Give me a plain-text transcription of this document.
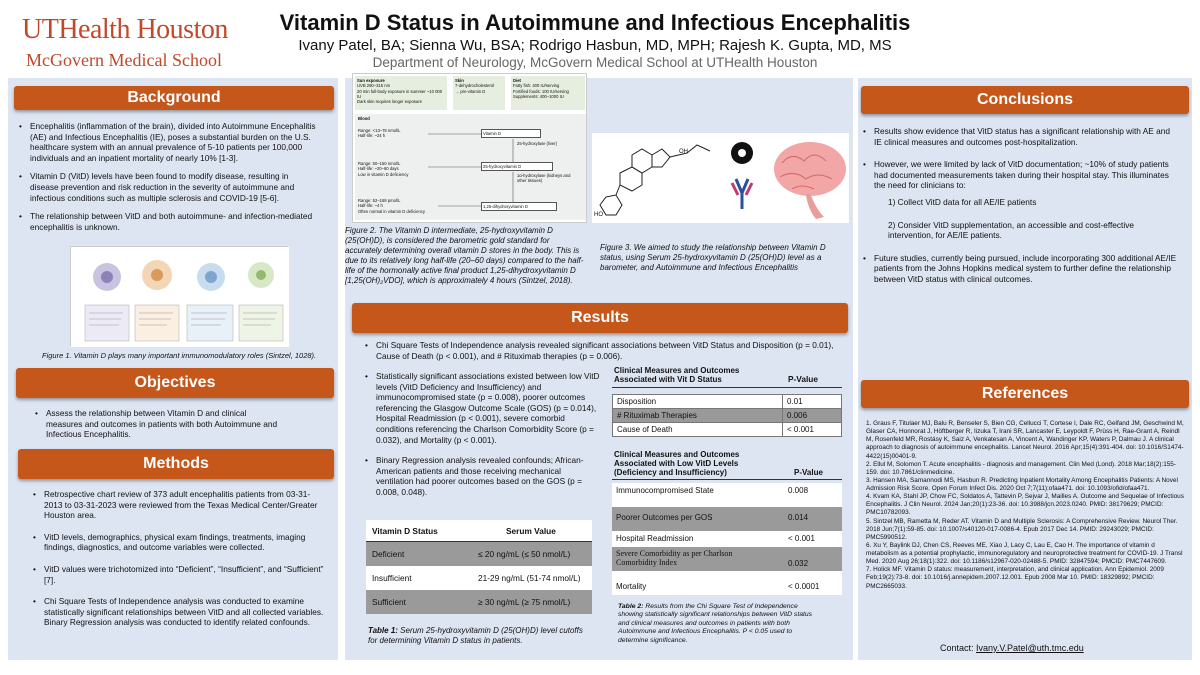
UTHealth Houston
McGovern Medical School
Vitamin D Status in Autoimmune and Infectious Encephalitis
Ivany Patel, BA; Sienna Wu, BSA; Rodrigo Hasbun, MD, MPH; Rajesh K. Gupta, MD, MS
Department of Neurology, McGovern Medical School at UTHealth Houston
Background
• Encephalitis (inflammation of the brain), divided into Autoimmune Encephalitis (AE) and Infectious Encephalitis (IE), poses a substantial burden on the U.S. healthcare system with an annual prevalence of 5-10 patients per 100,000 individuals and an inpatient mortality of nearly 10% [1-3].
• Vitamin D (VitD) levels have been found to modify disease, resulting in disease prevention and risk reduction in the severity of autoimmune and infectious conditions such as multiple sclerosis and COVID-19 [5-6].
• The relationship between VitD and both autoimmune- and infection-mediated encephalitis is unknown.
Figure 1. Vitamin D plays many important immunomodulatory roles (Sintzel, 1028).
Objectives
• Assess the relationship between Vitamin D and clinical measures and outcomes in patients with both Autoimmune and Infectious Encephalitis.
Methods
• Retrospective chart review of 373 adult encephalitis patients from 03-31-2013 to 03-31-2023 were reviewed from the Texas Medical Center/Greater Houston area.
• VitD levels, demographics, physical exam findings, treatments, imaging findings, diagnostics, and outcome variables were collected.
• VitD values were trichotomized into “Deficient”, “Insufficient”, and “Sufficient” [7].
• Chi Square Tests of Independence analysis was conducted to examine statistically significant relationships between VitD and all collected variables. Binary Regression analysis was conducted to identify related confounds.
Sun exposure
UVB 290–315 nm
20 min full-body exposure in summer ~10 000 IU
Dark skin requires longer exposure
Skin
7-dehydrocholesterol
→ pre-vitamin D
Diet
Fatty fish: 400 IU/serving
Fortified foods: 100 IU/serving
Supplements: 400–1000 IU
Blood
Range: <13–78 nmol/L
Half-life: ~24 h	Vitamin D
25-hydroxylase (liver)
Range: 50–150 nmol/L
Half-life: ~20–60 days
Low in vitamin D deficiency
25-hydroxyvitamin D
1α-hydroxylase (kidneys and other tissues)
Range: 52–169 pmol/L
Half-life: ~4 h
Often normal in vitamin D deficiency
1,25-dihydroxyvitamin D
Figure 2. The Vitamin D intermediate, 25-hydroxyvitamin D (25(OH)D), is considered the barometric gold standard for accurately determining overall vitamin D stores in the body. This is due to its relatively long half-life (20–60 days) compared to the half-life of the hormonally active final product 1,25-dihydroxyvitamin D [1,25(OH)₂VDO], which is approximately 4 hours (Sintzel, 2018).
OH
HO
Figure 3. We aimed to study the relationship between Vitamin D status, using Serum 25-hydroxyvitamin D (25(OH)D) level as a barometer, and Autoimmune and Infectious Encephalitis
Results
• Chi Square Tests of Independence analysis revealed significant associations between VitD Status and Disposition (p = 0.01), Cause of Death (p < 0.001), and # Rituximab therapies (p = 0.006).
• Statistically significant associations existed between low VitD levels (VitD Deficiency and Insufficiency) and immunocompromised state (p = 0.008), poorer outcomes referencing the Glasgow Outcome Scale (GOS) (p = 0.014), Hospital Readmission (p < 0.001), severe comorbid conditions referencing the Charlson Comorbidity Score (p = 0.032), and Mortality (p < 0.001).
• Binary Regression analysis revealed confounds; African-American patients and those receiving mechanical ventilation had poorer outcomes based on the GOS (p = 0.008, 0.048).
Vitamin D Status	Serum Value
Deficient	≤ 20 ng/mL (≤ 50 nmol/L)
Insufficient	21-29 ng/mL (51-74 nmol/L)
Sufficient	≥ 30 ng/mL (≥ 75 nmol/L)
Table 1: Serum 25-hydroxyvitamin D (25(OH)D) level cutoffs for determining Vitamin D status in patients.
Clinical Measures and Outcomes Associated with Vit D Status	P-Value
Disposition	0.01
# Rituximab Therapies	0.006
Cause of Death	< 0.001
Clinical Measures and Outcomes Associated with Low VitD Levels (Deficiency and Insufficiency)	P-Value
Immunocompromised State	0.008
Poorer Outcomes per GOS	0.014
Hospital Readmission	< 0.001
Severe Comorbidity as per Charlson Comorbidity Index	0.032
Mortality	< 0.0001
Table 2: Results from the Chi Square Test of Independence showing statistically significant relationships between VitD status and clinical measures and outcomes in patients with both Autoimmune and Infectious Encephalitis. P < 0.05 used to determine significance.
Conclusions
• Results show evidence that VitD status has a significant relationship with AE and IE clinical measures and outcomes post-hospitalization.
• However, we were limited by lack of VitD documentation; ~10% of study patients had documented measurements taken during their hospital stay. This illuminates the need for clinicians to:
1) Collect VitD data for all AE/IE patients
2) Consider VitD supplementation, an accessible and cost-effective intervention, for AE/IE patients.
• Future studies, currently being pursued, include incorporating 300 additional AE/IE patients from the Johns Hopkins medical system to further define the relationship between VitD status with clinical outcomes.
References
1. Graus F, Titulaer MJ, Balu R, Benseler S, Bien CG, Cellucci T, Cortese I, Dale RC, Gelfand JM, Geschwind M, Glaser CA, Honnorat J, Höftberger R, Iizuka T, Irani SR, Lancaster E, Leypoldt F, Prüss H, Rae-Grant A, Reindl M, Rosenfeld MR, Rostásy K, Saiz A, Venkatesan A, Vincent A, Wandinger KP, Waters P, Dalmau J. A clinical approach to diagnosis of autoimmune encephalitis. Lancet Neurol. 2016 Apr;15(4):391-404. doi: 10.1016/S1474-4422(15)00401-9.
2. Ellul M, Solomon T. Acute encephalitis - diagnosis and management. Clin Med (Lond). 2018 Mar;18(2):155-159. doi: 10.7861/clinmedicine.
3. Hansen MA, Samannodi MS, Hasbun R. Predicting Inpatient Mortality Among Encephalitis Patients: A Novel Admission Risk Score. Open Forum Infect Dis. 2020 Oct 7;7(11):ofaa471. doi: 10.1093/ofid/ofaa471.
4. Kvam KA, Stahl JP, Chow FC, Soldatos A, Tattevin P, Sejvar J, Mailles A. Outcome and Sequelae of Infectious Encephalitis. J Clin Neurol. 2024 Jan;20(1):23-36. doi: 10.3988/jcn.2023.0240. PMID: 38179629; PMCID: PMC10782093.
5. Sintzel MB, Rametta M, Reder AT. Vitamin D and Multiple Sclerosis: A Comprehensive Review. Neurol Ther. 2018 Jun;7(1):59-85. doi: 10.1007/s40120-017-0086-4. Epub 2017 Dec 14. PMID: 29243029; PMCID: PMC5990512.
6. Xu Y, Baylink DJ, Chen CS, Reeves ME, Xiao J, Lacy C, Lau E, Cao H. The importance of vitamin d metabolism as a potential prophylactic, immunoregulatory and neuroprotective treatment for COVID-19. J Transl Med. 2020 Aug 26;18(1):322. doi: 10.1186/s12967-020-02488-5. PMID: 32847594; PMCID: PMC7447609.
7. Holick MF. Vitamin D status: measurement, interpretation, and clinical application. Ann Epidemiol. 2009 Feb;19(2):73-8. doi: 10.1016/j.annepidem.2007.12.001. Epub 2008 Mar 10. PMID: 18329892; PMCID: PMC2665033.
Contact: Ivany.V.Patel@uth.tmc.edu
